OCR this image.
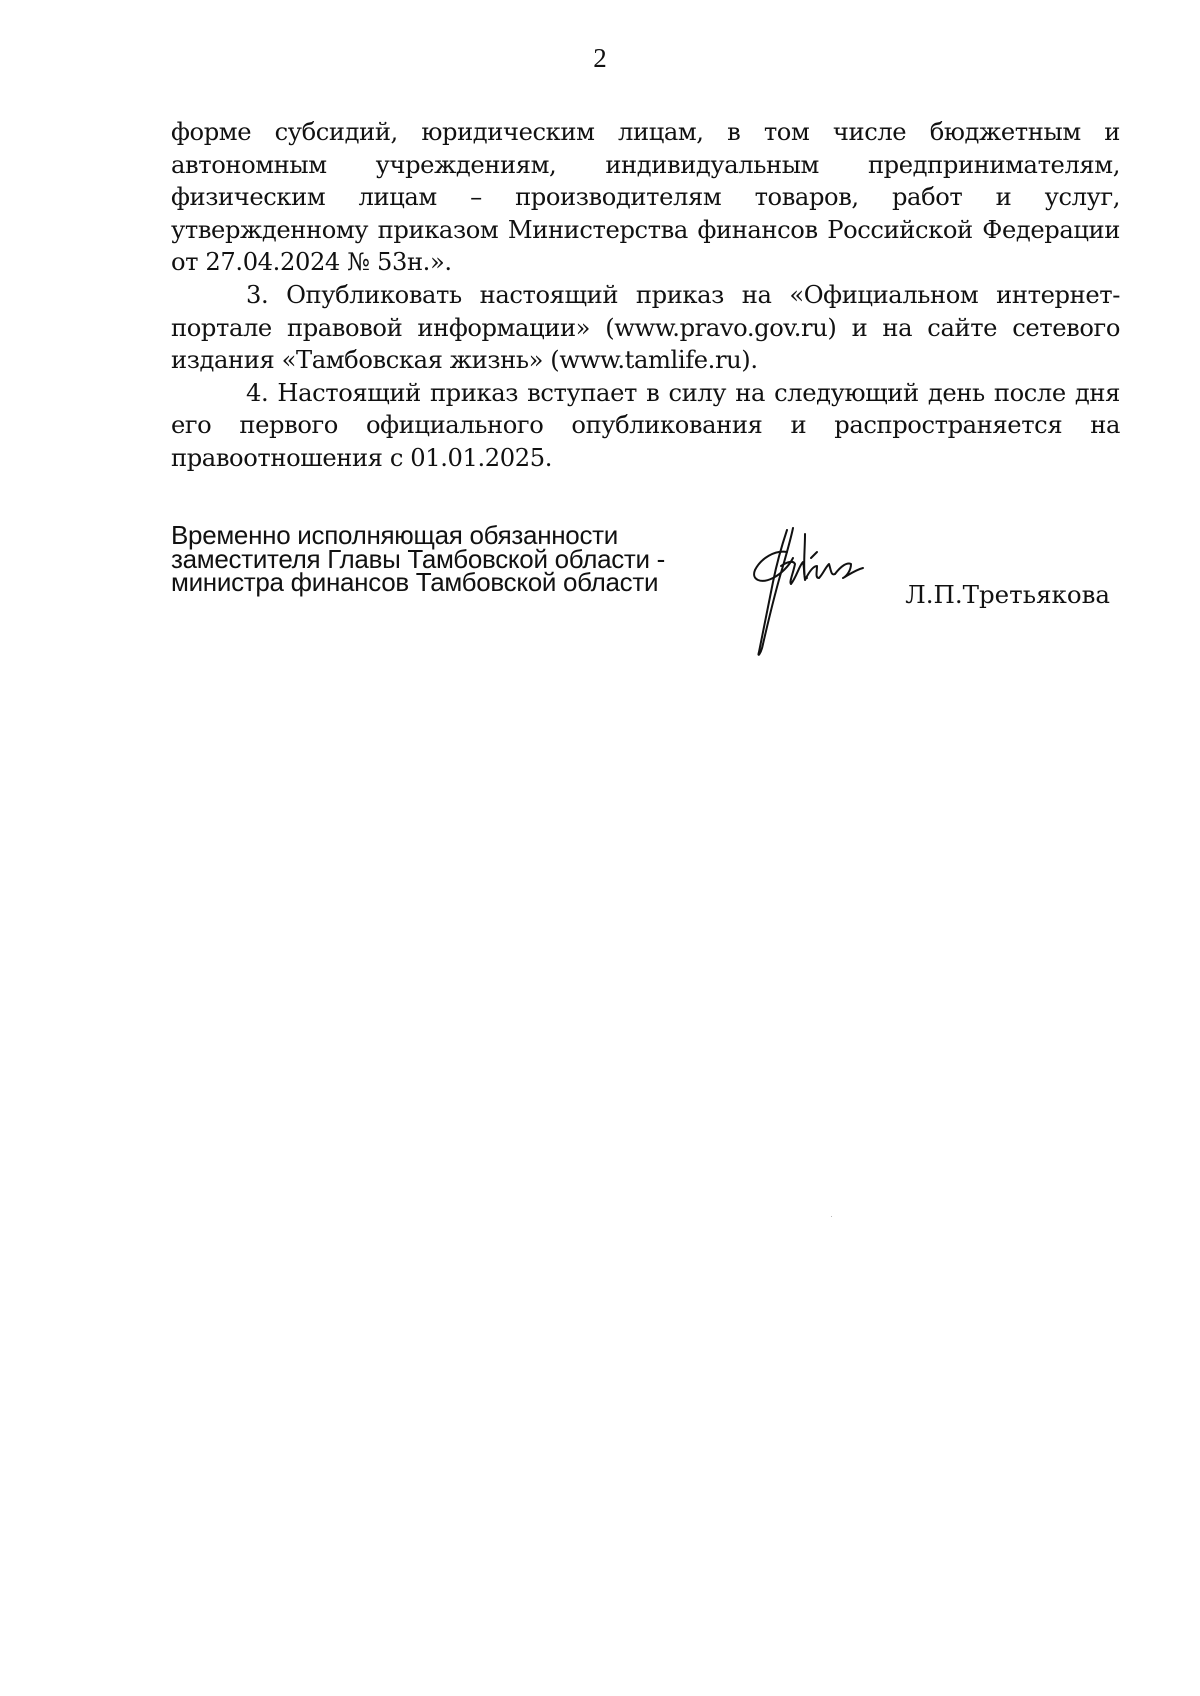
2

форме субсидий, юридическим лицам, в том числе бюджетным и автономным учреждениям, индивидуальным предпринимателям, физическим лицам – производителям товаров, работ и услуг, утвержденному приказом Министерства финансов Российской Федерации от 27.04.2024 № 53н.».

3. Опубликовать настоящий приказ на «Официальном интернет-портале правовой информации» (www.pravo.gov.ru) и на сайте сетевого издания «Тамбовская жизнь» (www.tamlife.ru).

4. Настоящий приказ вступает в силу на следующий день после дня его первого официального опубликования и распространяется на правоотношения с 01.01.2025.

Временно исполняющая обязанности
заместителя Главы Тамбовской области -
министра финансов Тамбовской области	Л.П.Третьякова
